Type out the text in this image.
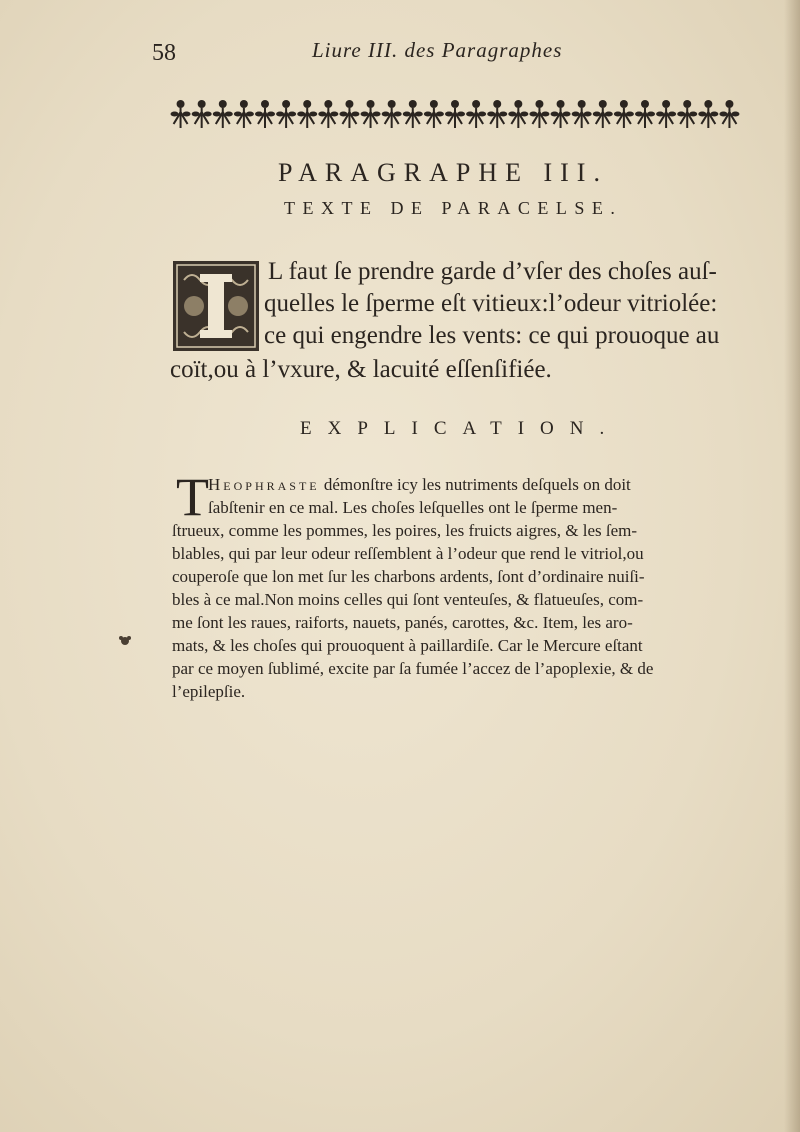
58	Liure III. des Paragraphes
PARAGRAPHE III.
TEXTE DE PARACELSE.
L faut ſe prendre garde d’vſer des choſes auſ-
quelles le ſperme eſt vitieux:l’odeur vitriolée:
ce qui engendre les vents: ce qui prouoque au
coït,ou à l’vxure, & lacuité eſſenſifiée.
EXPLICATION.
T Heophraste démonſtre icy les nutriments deſquels on doit
ſabſtenir en ce mal. Les choſes leſquelles ont le ſperme men-
ſtrueux, comme les pommes, les poires, les fruicts aigres, & les ſem-
blables, qui par leur odeur reſſemblent à l’odeur que rend le vitriol,ou
couperoſe que lon met ſur les charbons ardents, ſont d’ordinaire nuiſi-
bles à ce mal.Non moins celles qui ſont venteuſes, & flatueuſes, com-
me ſont les raues, raiforts, nauets, panés, carottes, &c. Item, les aro-
mats, & les choſes qui prouoquent à paillardiſe. Car le Mercure eſtant
par ce moyen ſublimé, excite par ſa fumée l’accez de l’apoplexie, & de
l’epilepſie.
